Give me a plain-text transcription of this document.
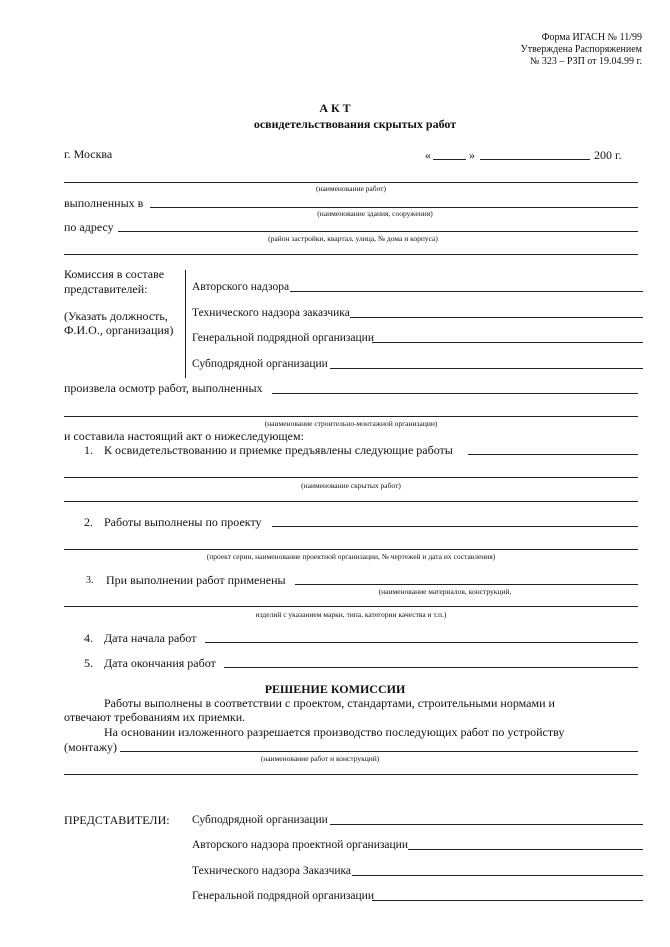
Форма ИГАСН № 11/99
Утверждена Распоряжением
№ 323 – РЗП от 19.04.99 г.
А К Т
освидетельствования скрытых работ
г. Москва	«	»	200 г.
(наименование работ)
выполненных в
(наименование здания, сооружения)
по адресу
(район застройки, квартал, улица, № дома и корпуса)
Комиссия в составе
представителей:
(Указать должность,
Ф.И.О., организация)
Авторского надзора
Технического надзора заказчика
Генеральной подрядной организации
Субподрядной организации
произвела осмотр работ, выполненных
(наименование строительно-монтажной организации)
и составила настоящий акт о нижеследующем:
1. К освидетельствованию и приемке предъявлены следующие работы
(наименование скрытых работ)
2. Работы выполнены по проекту
(проект серии, наименование проектной организации, № чертежей и дата их составления)
3. При выполнении работ применены
(наименование материалов, конструкций,
изделий с указанием марки, типа, категории качества и т.п.)
4. Дата начала работ
5. Дата окончания работ
РЕШЕНИЕ КОМИССИИ
Работы выполнены в соответствии с проектом, стандартами, строительными нормами и
отвечают требованиям их приемки.
На основании изложенного разрешается производство последующих работ по устройству
(монтажу)
(наименование работ и конструкций)
ПРЕДСТАВИТЕЛИ: Субподрядной организации
Авторского надзора проектной организации
Технического надзора Заказчика
Генеральной подрядной организации
